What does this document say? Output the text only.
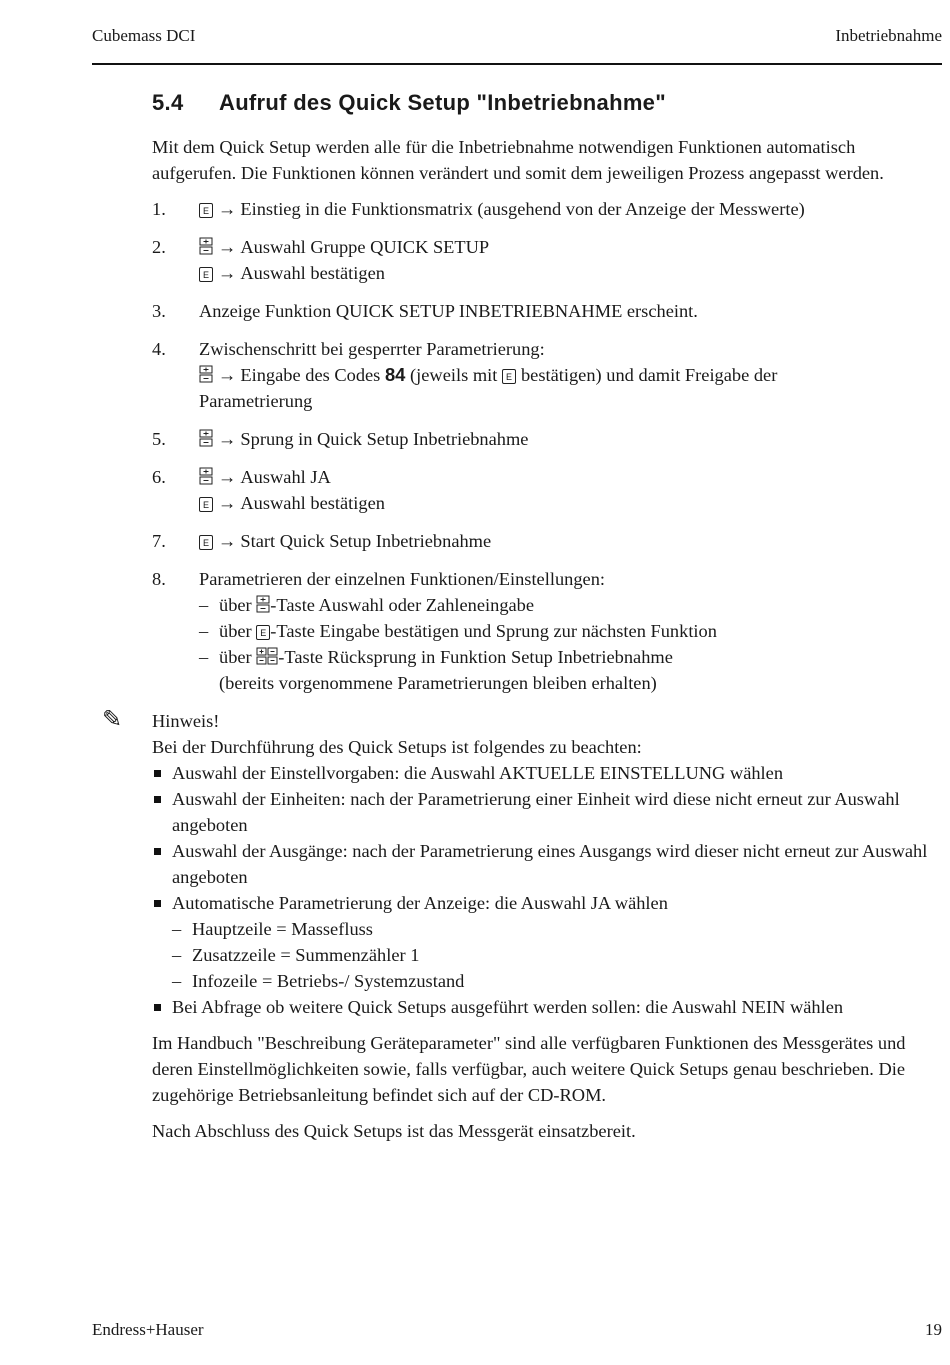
Cubemass DCI	Inbetriebnahme
5.4 Aufruf des Quick Setup "Inbetriebnahme"

Mit dem Quick Setup werden alle für die Inbetriebnahme notwendigen Funktionen automatisch aufgerufen. Die Funktionen können verändert und somit dem jeweiligen Prozess angepasst werden.

1.	E → Einstieg in die Funktionsmatrix (ausgehend von der Anzeige der Messwerte)
2.	→ Auswahl Gruppe QUICK SETUP
E → Auswahl bestätigen
3. Anzeige Funktion QUICK SETUP INBETRIEBNAHME erscheint.
4. Zwischenschritt bei gesperrter Parametrierung:
→ Eingabe des Codes 84 (jeweils mit E bestätigen) und damit Freigabe der
Parametrierung
5.	→ Sprung in Quick Setup Inbetriebnahme
6.	→ Auswahl JA
E → Auswahl bestätigen
7.	E → Start Quick Setup Inbetriebnahme
8. Parametrieren der einzelnen Funktionen/Einstellungen:
– über -Taste Auswahl oder Zahleneingabe
– über E -Taste Eingabe bestätigen und Sprung zur nächsten Funktion
– über -Taste Rücksprung in Funktion Setup Inbetriebnahme
(bereits vorgenommene Parametrierungen bleiben erhalten)
✎ Hinweis!
Bei der Durchführung des Quick Setups ist folgendes zu beachten:
Auswahl der Einstellvorgaben: die Auswahl AKTUELLE EINSTELLUNG wählen
Auswahl der Einheiten: nach der Parametrierung einer Einheit wird diese nicht erneut zur Auswahl angeboten
Auswahl der Ausgänge: nach der Parametrierung eines Ausgangs wird dieser nicht erneut zur Auswahl angeboten
Automatische Parametrierung der Anzeige: die Auswahl JA wählen
– Hauptzeile = Massefluss
– Zusatzzeile = Summenzähler 1
– Infozeile = Betriebs-/ Systemzustand
Bei Abfrage ob weitere Quick Setups ausgeführt werden sollen: die Auswahl NEIN wählen

Im Handbuch "Beschreibung Geräteparameter" sind alle verfügbaren Funktionen des Messgerätes und deren Einstellmöglichkeiten sowie, falls verfügbar, auch weitere Quick Setups genau beschrieben. Die zugehörige Betriebsanleitung befindet sich auf der CD-ROM.

Nach Abschluss des Quick Setups ist das Messgerät einsatzbereit.

Endress+Hauser	19
